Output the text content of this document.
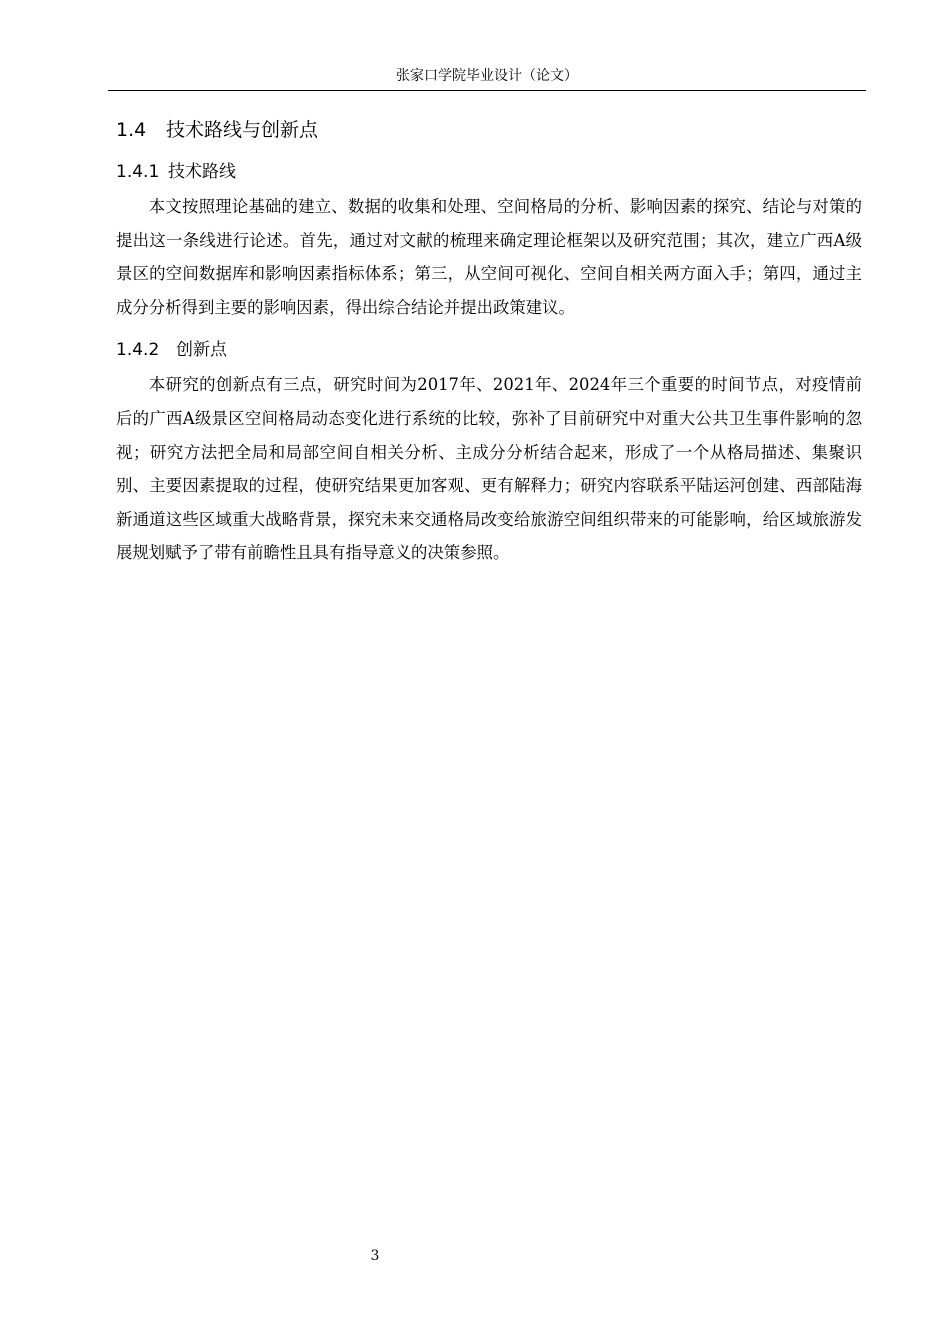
张家口学院毕业设计（论文）
1.4 技术路线与创新点
1.4.1 技术路线

本文按照理论基础的建立、数据的收集和处理、空间格局的分析、影响因素的探究、结论与对策的提出这一条线进行论述。首先，通过对文献的梳理来确定理论框架以及研究范围；其次，建立广西A级景区的空间数据库和影响因素指标体系；第三，从空间可视化、空间自相关两方面入手；第四，通过主成分分析得到主要的影响因素，得出综合结论并提出政策建议。

1.4.2 创新点

本研究的创新点有三点，研究时间为2017年、2021年、2024年三个重要的时间节点，对疫情前后的广西A级景区空间格局动态变化进行系统的比较，弥补了目前研究中对重大公共卫生事件影响的忽视；研究方法把全局和局部空间自相关分析、主成分分析结合起来，形成了一个从格局描述、集聚识别、主要因素提取的过程，使研究结果更加客观、更有解释力；研究内容联系平陆运河创建、西部陆海新通道这些区域重大战略背景，探究未来交通格局改变给旅游空间组织带来的可能影响，给区域旅游发展规划赋予了带有前瞻性且具有指导意义的决策参照。

3
